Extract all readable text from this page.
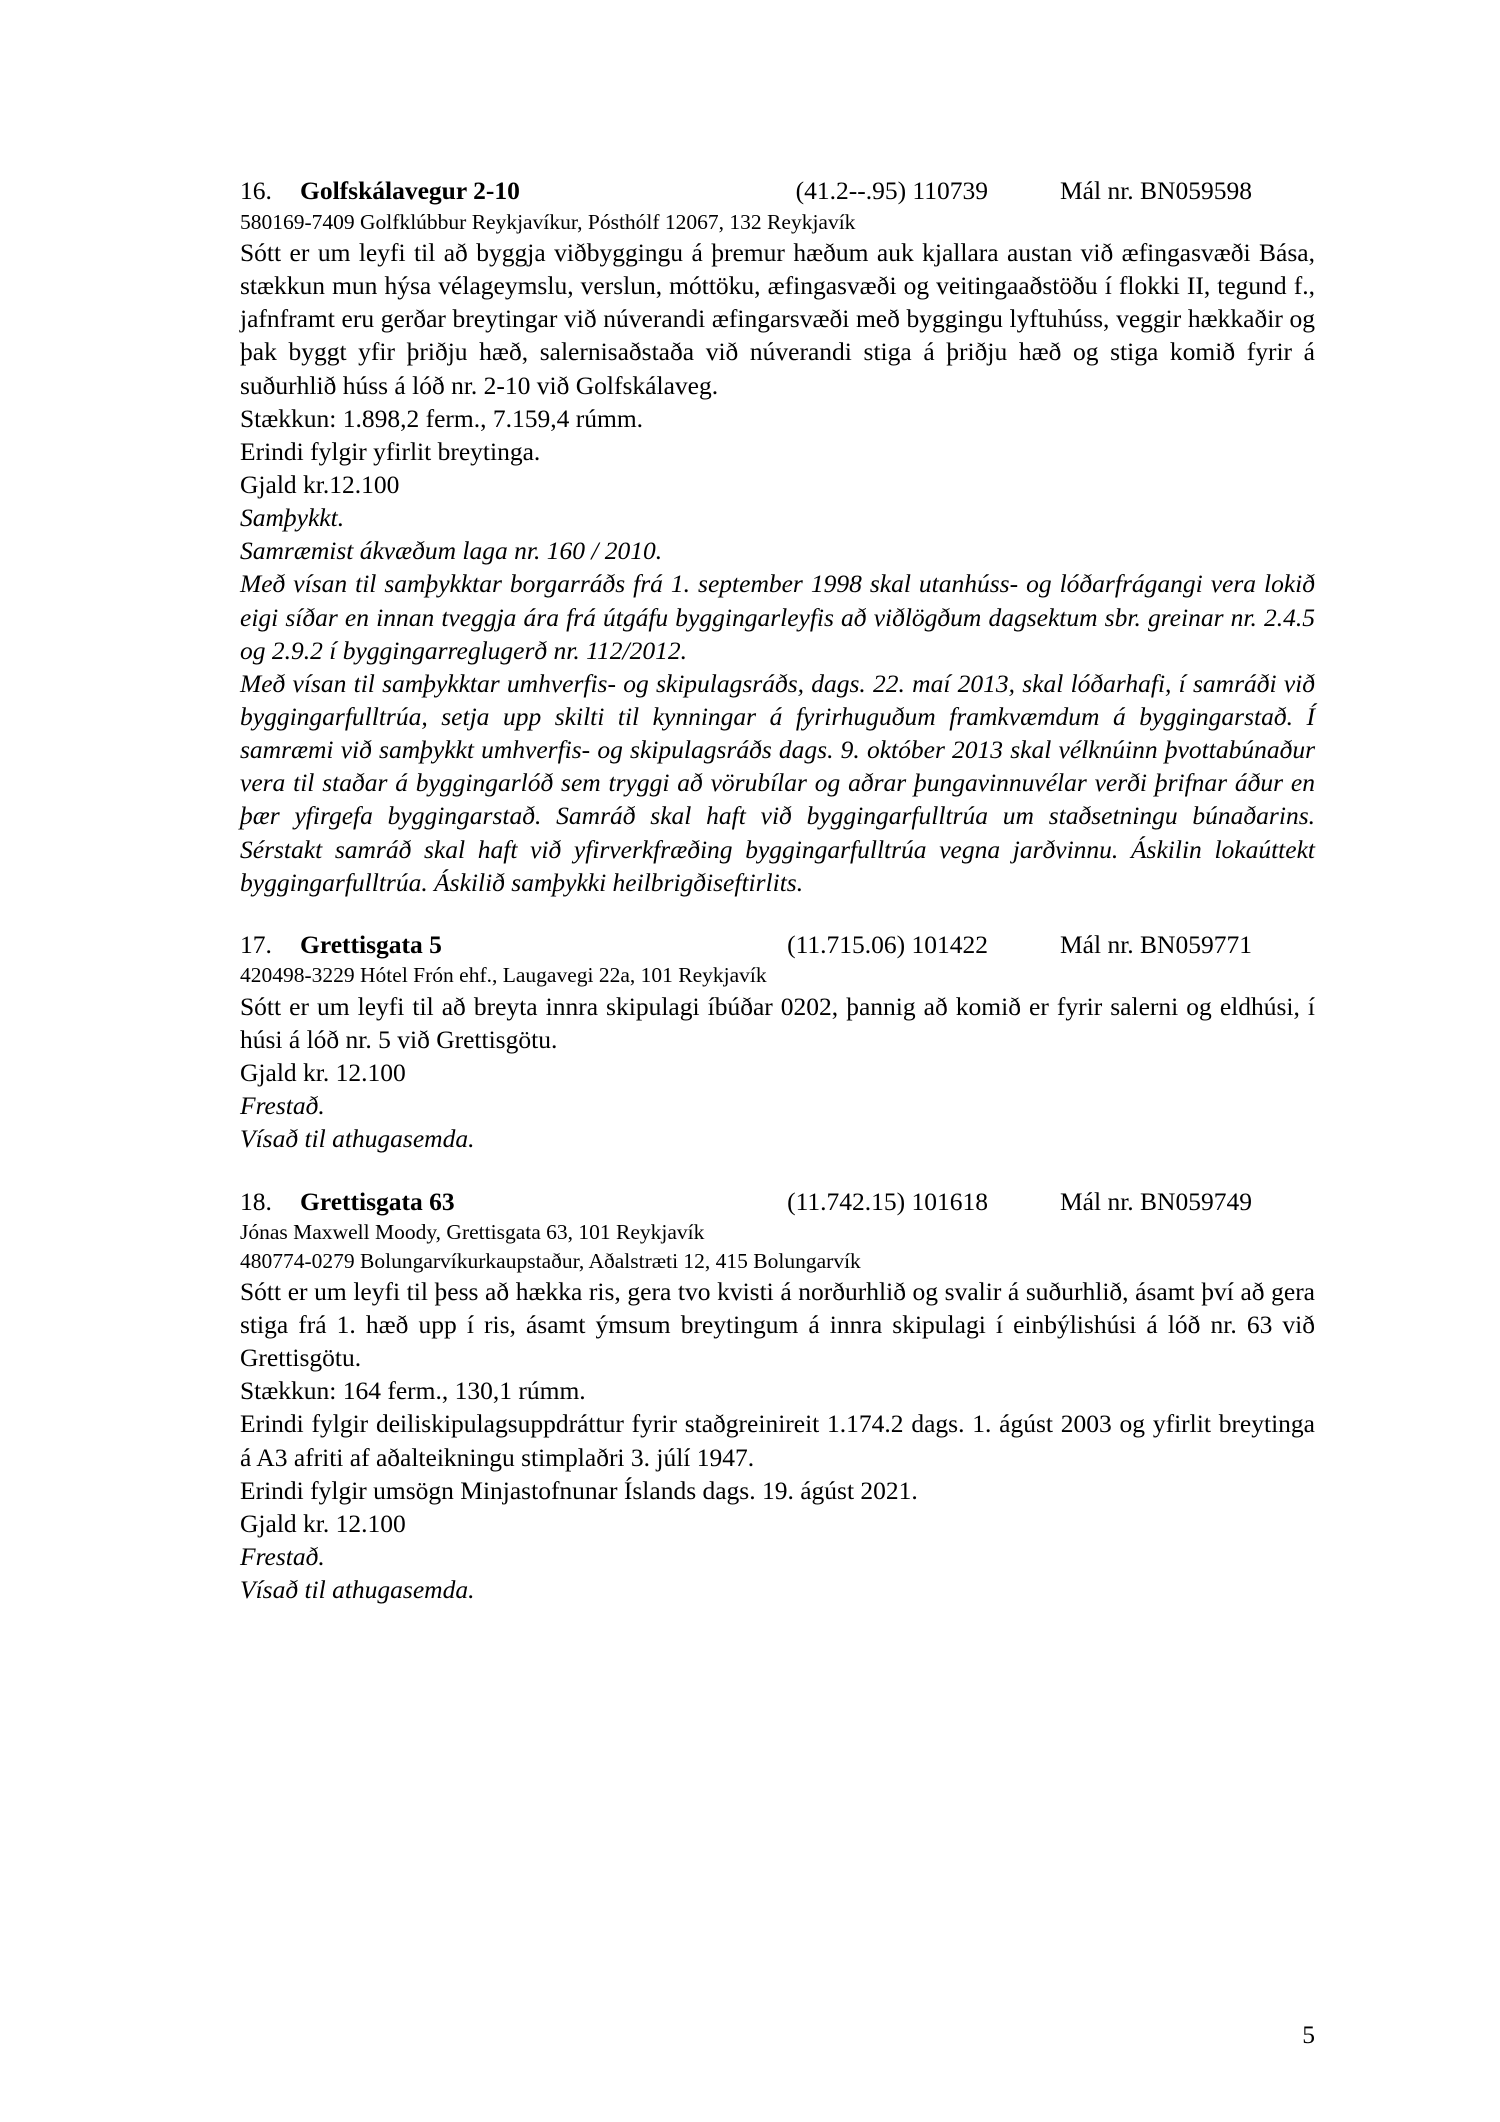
16.	Golfskálavegur 2-10	(41.2--.95) 110739	Mál nr. BN059598
580169-7409 Golfklúbbur Reykjavíkur, Pósthólf 12067, 132 Reykjavík
Sótt er um leyfi til að byggja viðbyggingu á þremur hæðum auk kjallara austan við æfingasvæði Bása, stækkun mun hýsa vélageymslu, verslun, móttöku, æfingasvæði og veitingaaðstöðu í flokki II, tegund f., jafnframt eru gerðar breytingar við núverandi æfingarsvæði með byggingu lyftuhúss, veggir hækkaðir og þak byggt yfir þriðju hæð, salernisaðstaða við núverandi stiga á þriðju hæð og stiga komið fyrir á suðurhlið húss á lóð nr. 2-10 við Golfskálaveg.
Stækkun: 1.898,2 ferm., 7.159,4 rúmm.
Erindi fylgir yfirlit breytinga.
Gjald kr.12.100
Samþykkt.
Samræmist ákvæðum laga nr. 160 / 2010.
Með vísan til samþykktar borgarráðs frá 1. september 1998 skal utanhúss- og lóðarfrágangi vera lokið eigi síðar en innan tveggja ára frá útgáfu byggingarleyfis að viðlögðum dagsektum sbr. greinar nr. 2.4.5 og 2.9.2 í byggingarreglugerð nr. 112/2012.
Með vísan til samþykktar umhverfis- og skipulagsráðs, dags. 22. maí 2013, skal lóðarhafi, í samráði við byggingarfulltrúa, setja upp skilti til kynningar á fyrirhuguðum framkvæmdum á byggingarstað. Í samræmi við samþykkt umhverfis- og skipulagsráðs dags. 9. október 2013 skal vélknúinn þvottabúnaður vera til staðar á byggingarlóð sem tryggi að vörubílar og aðrar þungavinnuvélar verði þrifnar áður en þær yfirgefa byggingarstað. Samráð skal haft við byggingarfulltrúa um staðsetningu búnaðarins. Sérstakt samráð skal haft við yfirverkfræðing byggingarfulltrúa vegna jarðvinnu. Áskilin lokaúttekt byggingarfulltrúa. Áskilið samþykki heilbrigðiseftirlits.
17.	Grettisgata 5	(11.715.06) 101422	Mál nr. BN059771
420498-3229 Hótel Frón ehf., Laugavegi 22a, 101 Reykjavík
Sótt er um leyfi til að breyta innra skipulagi íbúðar 0202, þannig að komið er fyrir salerni og eldhúsi, í húsi á lóð nr. 5 við Grettisgötu.
Gjald kr. 12.100
Frestað.
Vísað til athugasemda.
18.	Grettisgata 63	(11.742.15) 101618	Mál nr. BN059749
Jónas Maxwell Moody, Grettisgata 63, 101 Reykjavík
480774-0279 Bolungarvíkurkaupstaður, Aðalstræti 12, 415 Bolungarvík
Sótt er um leyfi til þess að hækka ris, gera tvo kvisti á norðurhlið og svalir á suðurhlið, ásamt því að gera stiga frá 1. hæð upp í ris, ásamt ýmsum breytingum á innra skipulagi í einbýlishúsi á lóð nr. 63 við Grettisgötu.
Stækkun: 164 ferm., 130,1 rúmm.
Erindi fylgir deiliskipulagsuppdráttur fyrir staðgreinireit 1.174.2 dags. 1. ágúst 2003 og yfirlit breytinga á A3 afriti af aðalteikningu stimplaðri 3. júlí 1947.
Erindi fylgir umsögn Minjastofnunar Íslands dags. 19. ágúst 2021.
Gjald kr. 12.100
Frestað.
Vísað til athugasemda.
5
